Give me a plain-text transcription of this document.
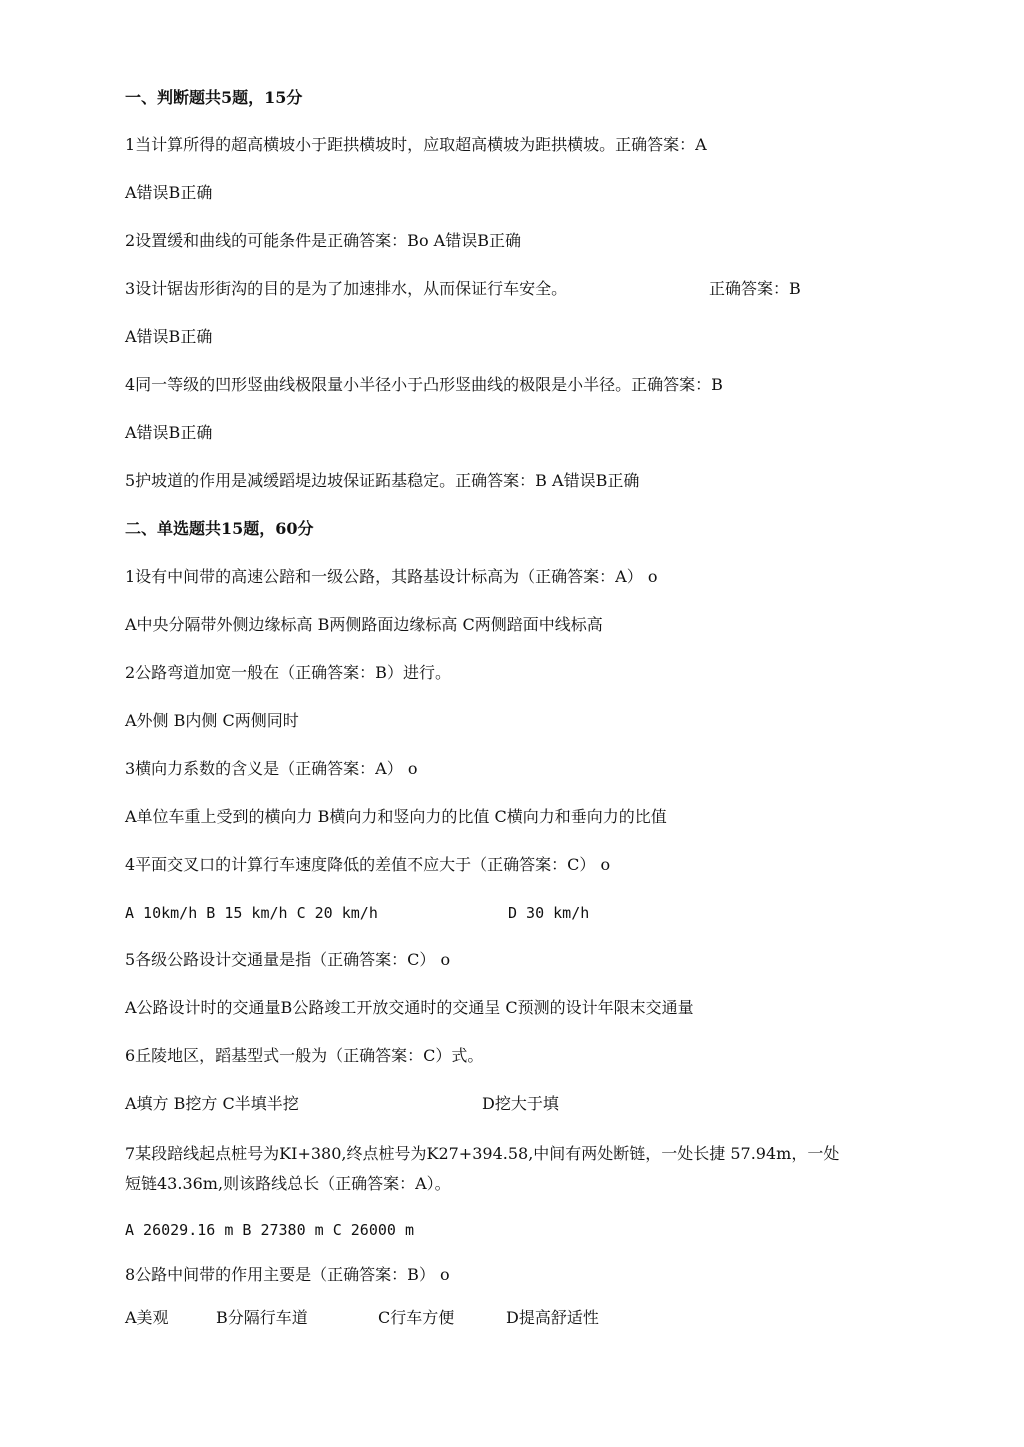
一、判断题共5题，15分

1当计算所得的超高横坡小于距拱横坡时，应取超高横坡为距拱横坡。正确答案：A

A错误B正确

2设置缓和曲线的可能条件是正确答案：Bo A错误B正确

3设计锯齿形街沟的目的是为了加速排水，从而保证行车安全。	正确答案：B

A错误B正确

4同一等级的凹形竖曲线极限量小半径小于凸形竖曲线的极限是小半径。正确答案：B

A错误B正确

5护坡道的作用是减缓蹈堤边坡保证跖基稳定。正确答案：B A错误B正确

二、单选题共15题，60分

1设有中间带的高速公踣和一级公路，其路基设计标高为（正确答案：A） o

A中央分隔带外侧边缘标高 B两侧路面边缘标高 C两侧踣面中线标高

2公路弯道加宽一般在（正确答案：B）进行。

A外侧 B内侧 C两侧同时

3横向力系数的含义是（正确答案：A） o

A单位车重上受到的横向力 B横向力和竖向力的比值 C横向力和垂向力的比值

4平面交叉口的计算行车速度降低的差值不应大于（正确答案：C） o

A 10km/h B 15 km/h C 20 km/h	D 30 km/h

5各级公路设计交通量是指（正确答案：C） o

A公路设计时的交通量B公路竣工开放交通时的交通呈 C预测的设计年限末交通量

6丘陵地区，蹈基型式一般为（正确答案：C）式。

A填方 B挖方 C半填半挖	D挖大于填

7某段踣线起点桩号为KI+380,终点桩号为K27+394.58,中间有两处断链，一处长捷 57.94m，一处

短链43.36m,则该路线总长（正确答案：A）。

A 26029.16 m B 27380 m C 26000 m

8公路中间带的作用主要是（正确答案：B） o

A美观	B分隔行车道	C行车方便	D提高舒适性
